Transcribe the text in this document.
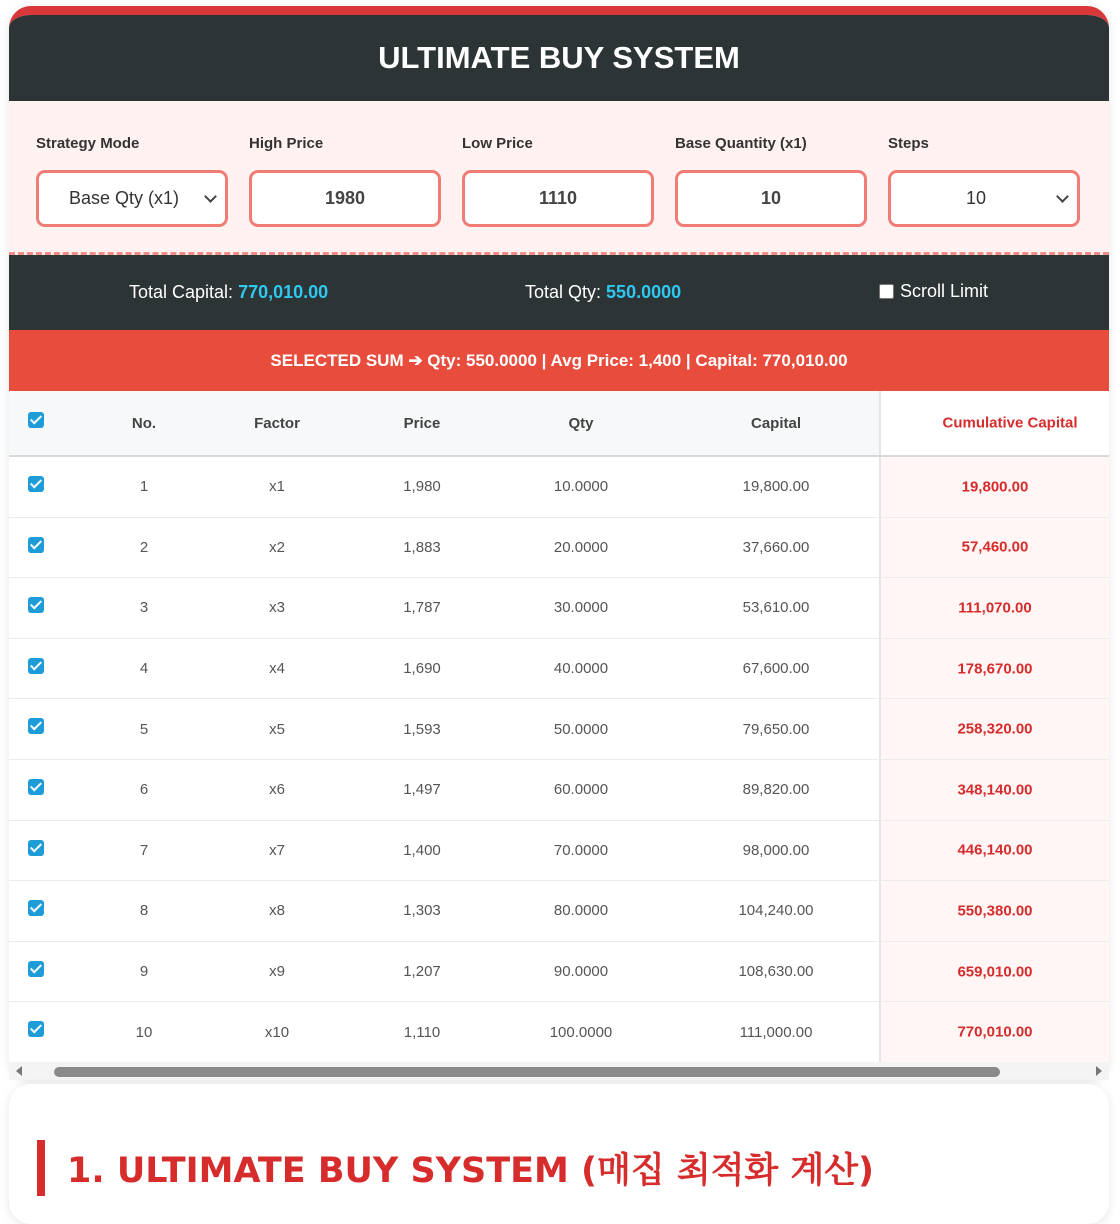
ULTIMATE BUY SYSTEM
Strategy Mode
Base Qty (x1)
High Price
1980
Low Price
1110
Base Quantity (x1)
10
Steps
10
Total Capital: 770,010.00	Total Qty: 550.0000	Scroll Limit
SELECTED SUM ➔ Qty: 550.0000 | Avg Price: 1,400 | Capital: 770,010.00
No.	Factor	Price	Qty	Capital	Cumulative Capital
1	x1	1,980	10.0000	19,800.00	19,800.00
2	x2	1,883	20.0000	37,660.00	57,460.00
3	x3	1,787	30.0000	53,610.00	111,070.00
4	x4	1,690	40.0000	67,600.00	178,670.00
5	x5	1,593	50.0000	79,650.00	258,320.00
6	x6	1,497	60.0000	89,820.00	348,140.00
7	x7	1,400	70.0000	98,000.00	446,140.00
8	x8	1,303	80.0000	104,240.00	550,380.00
9	x9	1,207	90.0000	108,630.00	659,010.00
10	x10	1,110	100.0000	111,000.00	770,010.00
1. ULTIMATE BUY SYSTEM (매집 최적화 계산)
